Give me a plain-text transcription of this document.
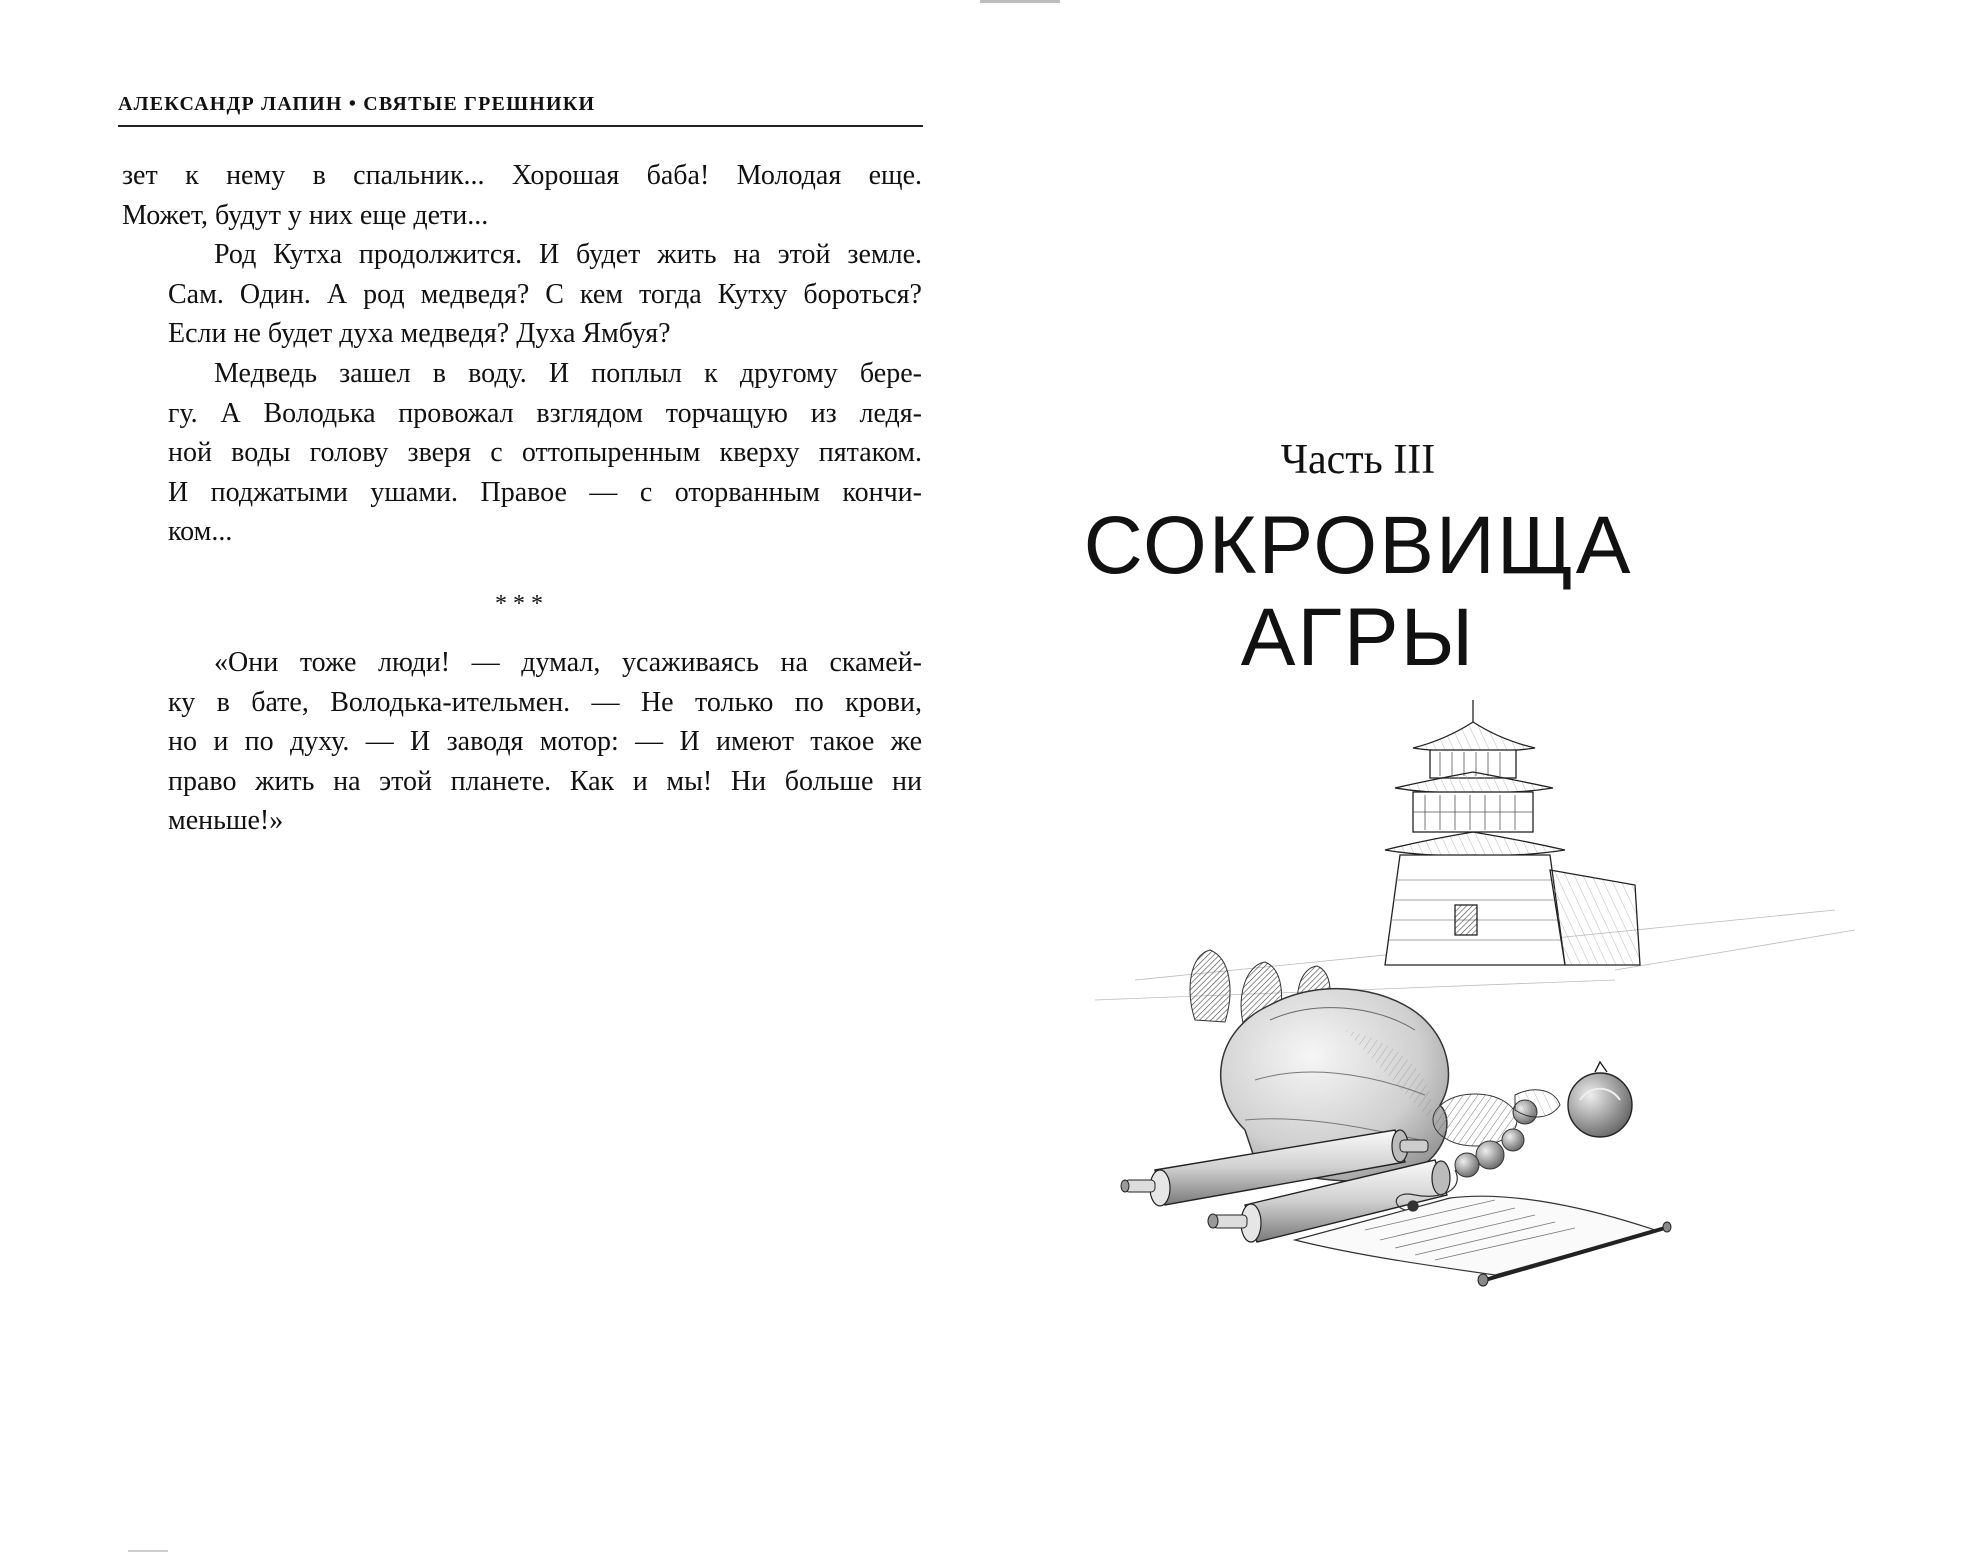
АЛЕКСАНДР ЛАПИН • СВЯТЫЕ ГРЕШНИКИ

зет к нему в спальник... Хорошая баба! Молодая еще.
Может, будут у них еще дети...

Род Кутха продолжится. И будет жить на этой земле.
Сам. Один. А род медведя? С кем тогда Кутху бороться?
Если не будет духа медведя? Духа Ямбуя?

Медведь зашел в воду. И поплыл к другому бере-
гу. А Володька провожал взглядом торчащую из ледя-
ной воды голову зверя с оттопыренным кверху пятаком.
И поджатыми ушами. Правое — с оторванным кончи-
ком...

***

«Они тоже люди! — думал, усаживаясь на скамей-
ку в бате, Володька-ительмен. — Не только по крови,
но и по духу. — И заводя мотор: — И имеют такое же
право жить на этой планете. Как и мы! Ни больше ни
меньше!»

Часть III
СОКРОВИЩА
АГРЫ
